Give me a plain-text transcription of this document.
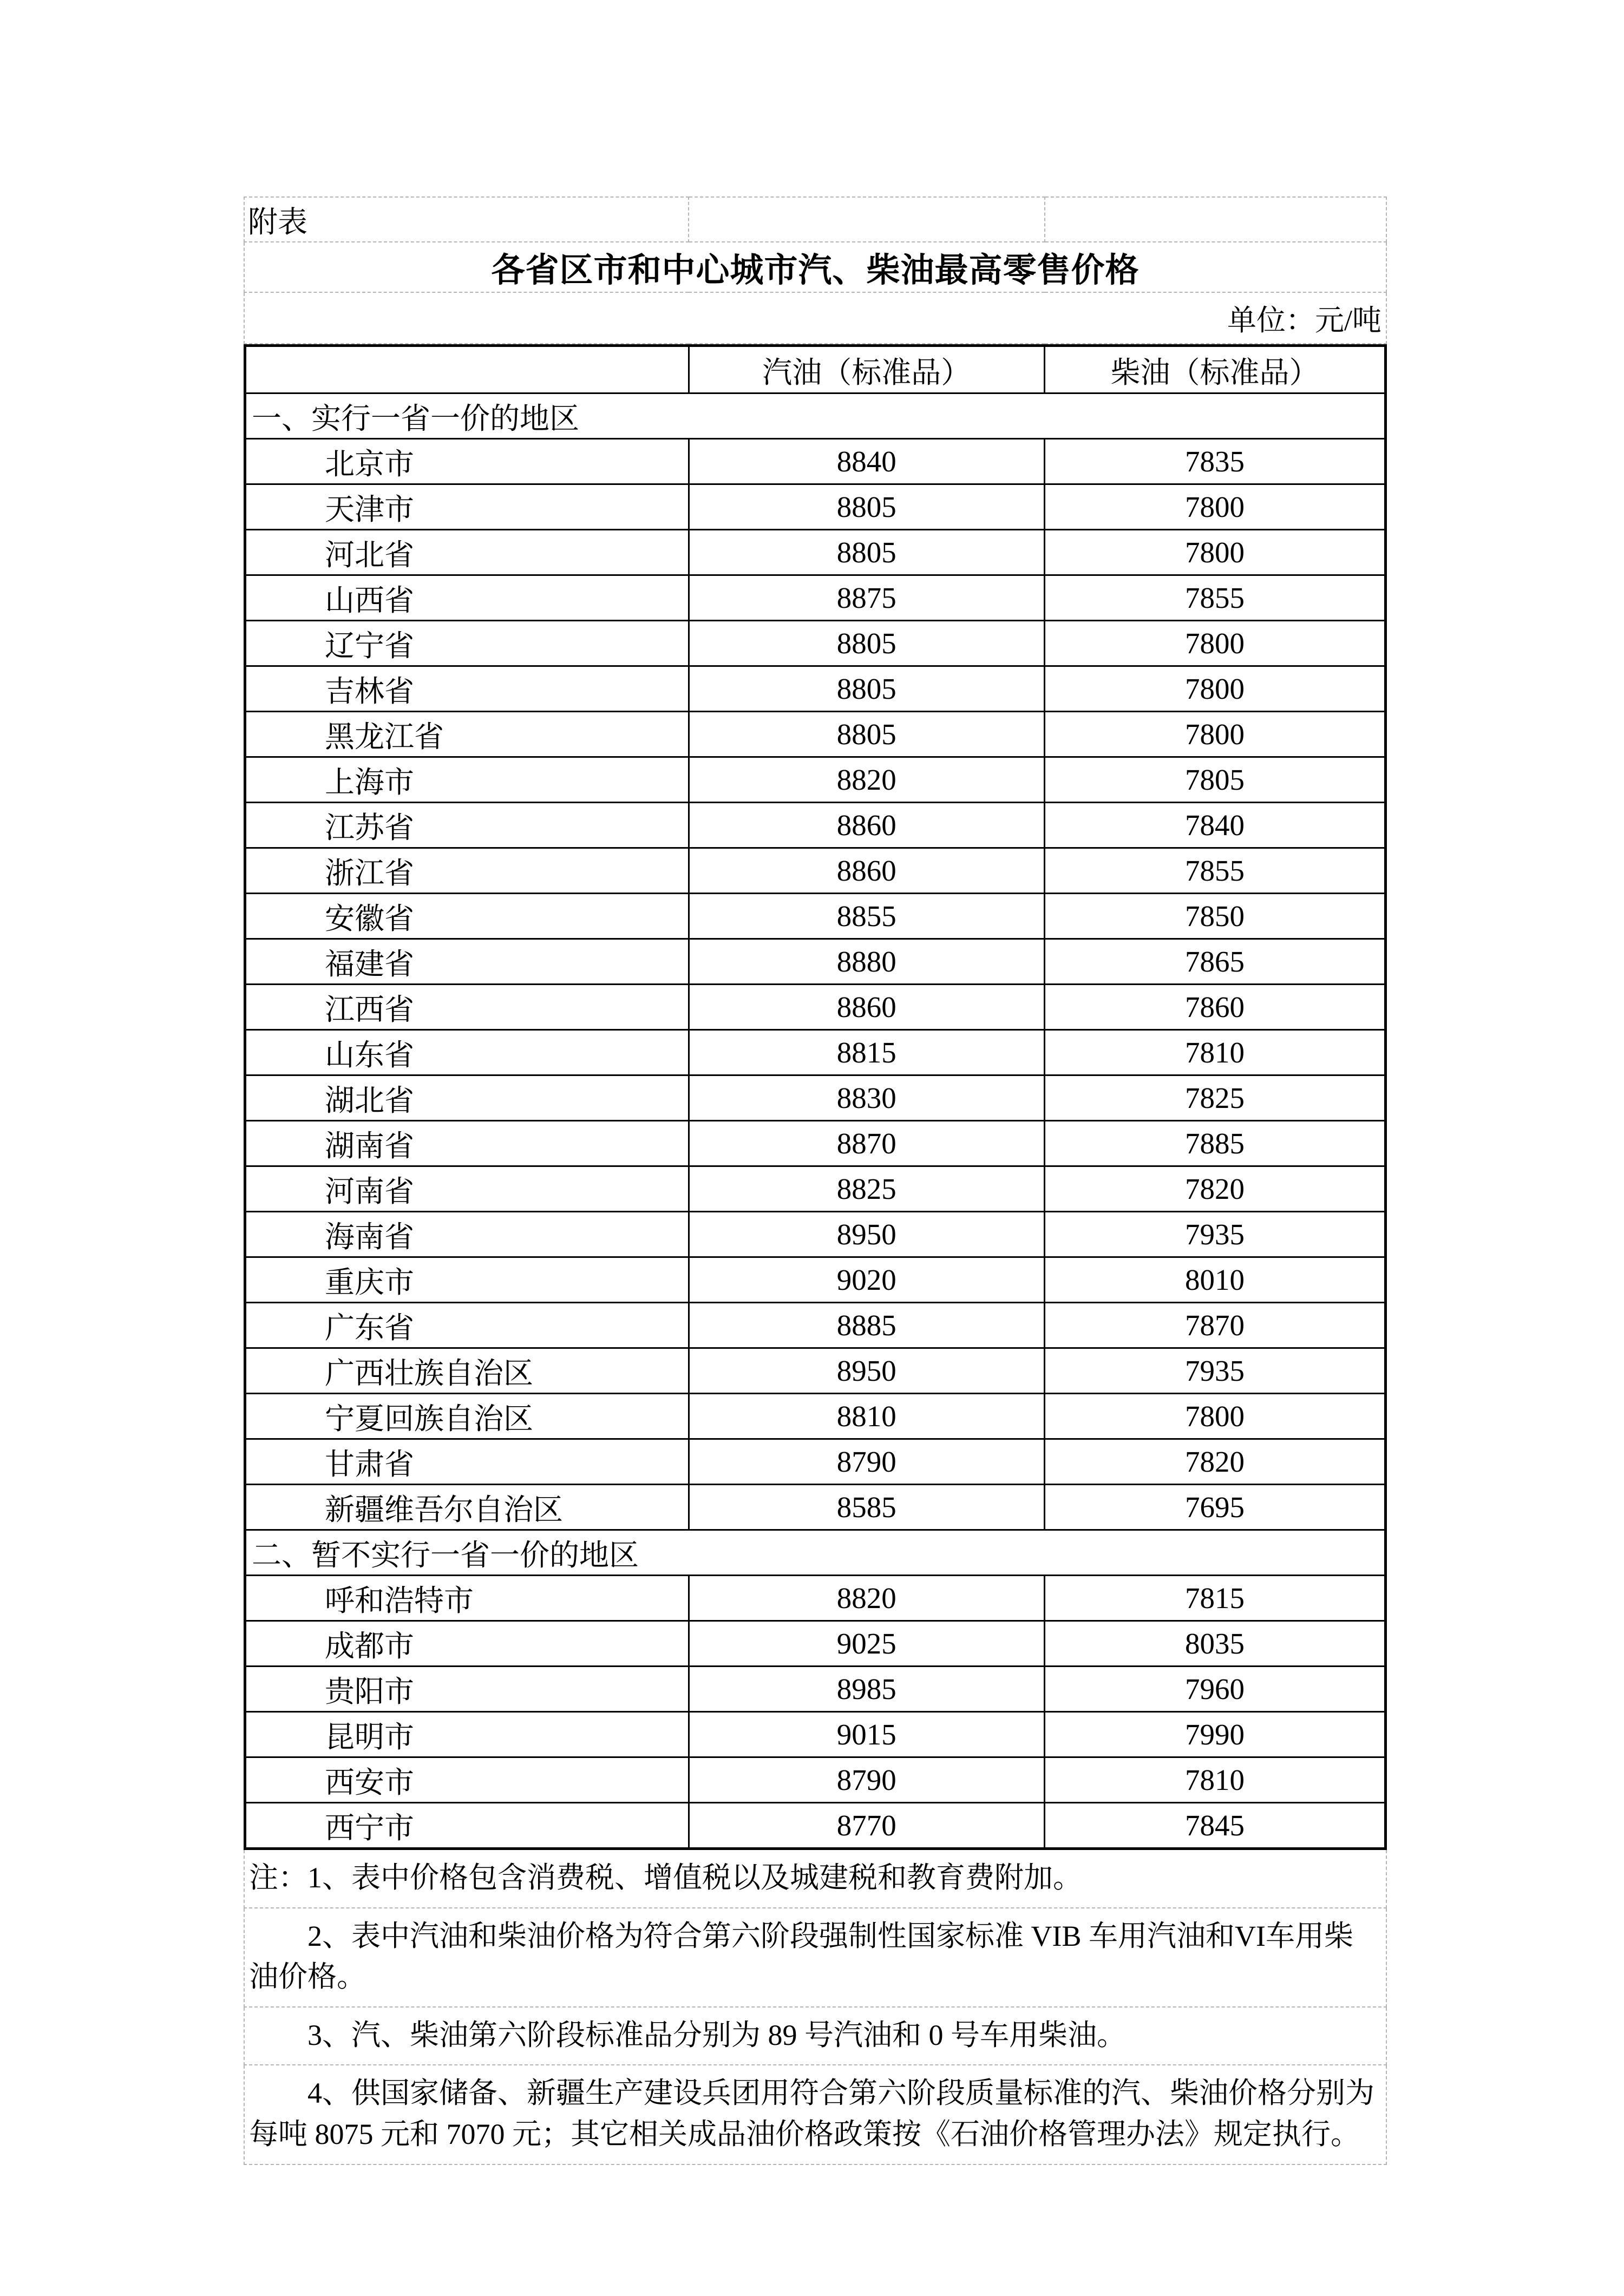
附表		
各省区市和中心城市汽、柴油最高零售价格
单位：元/吨
	汽油（标准品）	柴油（标准品）
一、实行一省一价的地区		
北京市	8840	7835
天津市	8805	7800
河北省	8805	7800
山西省	8875	7855
辽宁省	8805	7800
吉林省	8805	7800
黑龙江省	8805	7800
上海市	8820	7805
江苏省	8860	7840
浙江省	8860	7855
安徽省	8855	7850
福建省	8880	7865
江西省	8860	7860
山东省	8815	7810
湖北省	8830	7825
湖南省	8870	7885
河南省	8825	7820
海南省	8950	7935
重庆市	9020	8010
广东省	8885	7870
广西壮族自治区	8950	7935
宁夏回族自治区	8810	7800
甘肃省	8790	7820
新疆维吾尔自治区	8585	7695
二、暂不实行一省一价的地区		
呼和浩特市	8820	7815
成都市	9025	8035
贵阳市	8985	7960
昆明市	9015	7990
西安市	8790	7810
西宁市	8770	7845
注：1、表中价格包含消费税、增值税以及城建税和教育费附加。
2、表中汽油和柴油价格为符合第六阶段强制性国家标准 VIB 车用汽油和VI车用柴油价格。
3、汽、柴油第六阶段标准品分别为 89 号汽油和 0 号车用柴油。
4、供国家储备、新疆生产建设兵团用符合第六阶段质量标准的汽、柴油价格分别为每吨 8075 元和 7070 元；其它相关成品油价格政策按《石油价格管理办法》规定执行。
